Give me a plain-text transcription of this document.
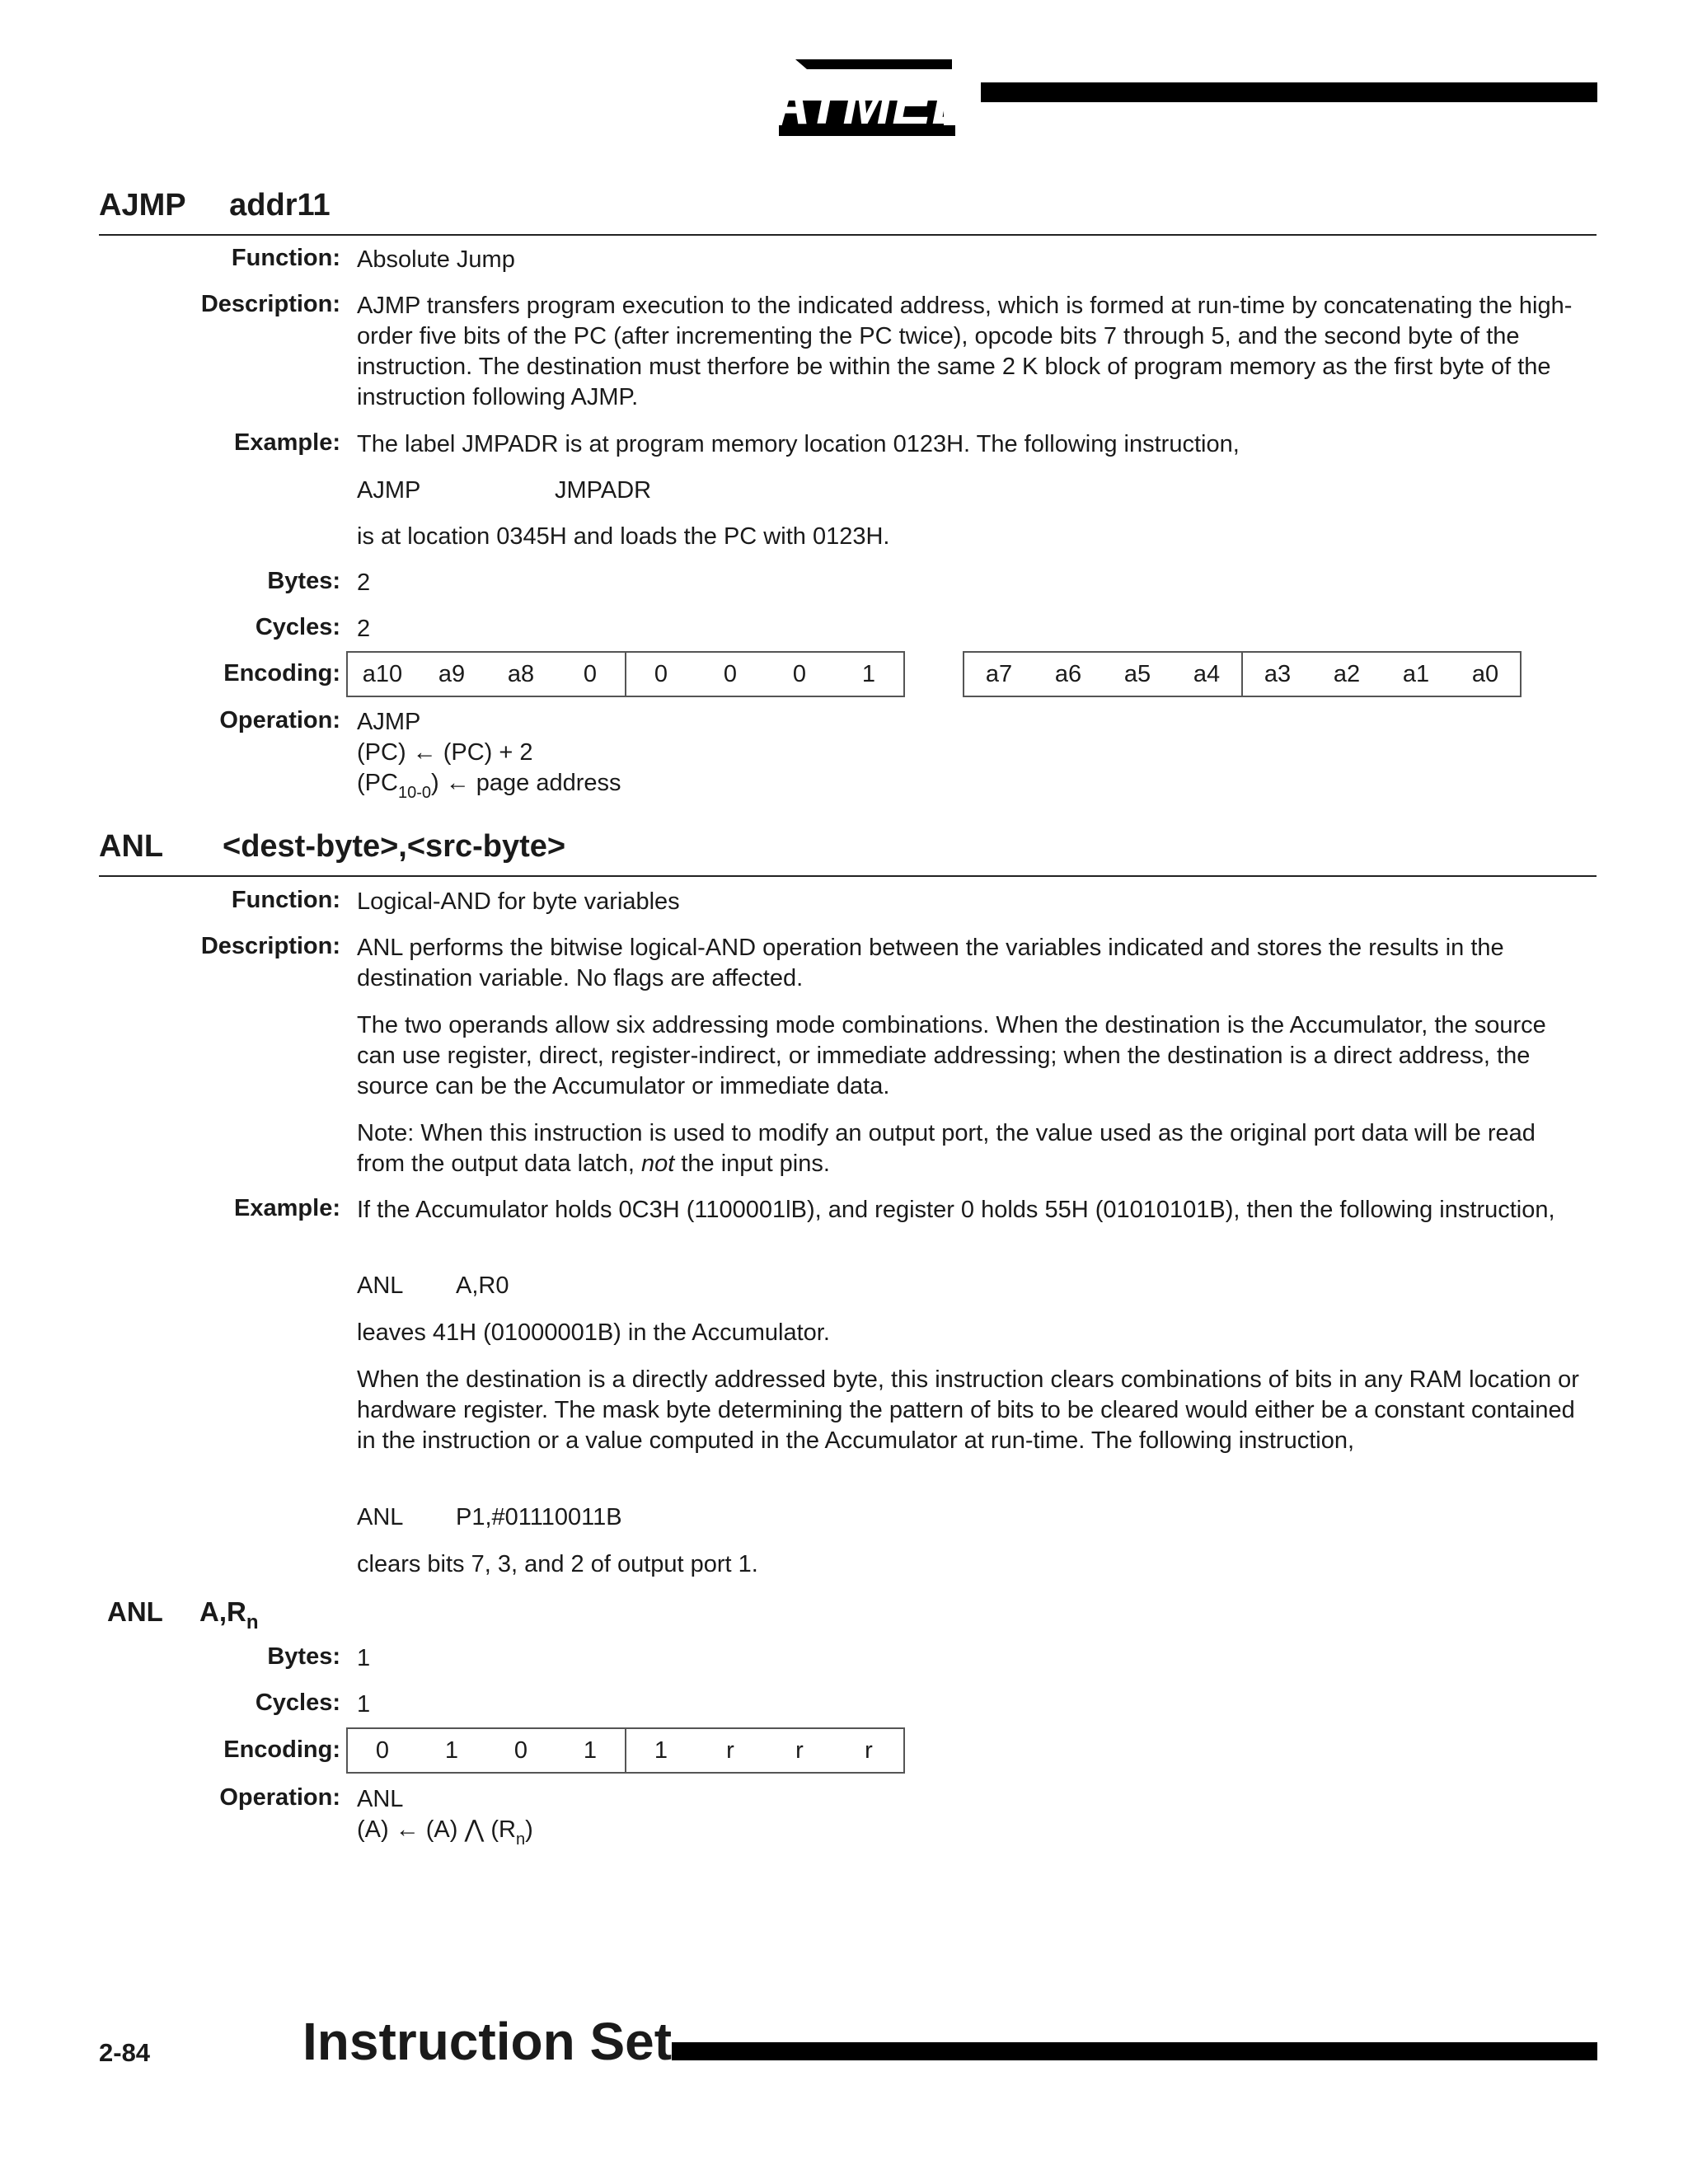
ATMEL
AJMP addr11
Function: Absolute Jump
Description: AJMP transfers program execution to the indicated address, which is formed at run-time by concatenating the high-order five bits of the PC (after incrementing the PC twice), opcode bits 7 through 5, and the second byte of the instruction. The destination must therfore be within the same 2 K block of program memory as the first byte of the instruction following AJMP.
Example: The label JMPADR is at program memory location 0123H. The following instruction,
AJMP	JMPADR
is at location 0345H and loads the PC with 0123H.
Bytes: 2
Cycles: 2
Encoding: a10	a9	a8	0	0	0	0	1	a7	a6	a5	a4	a3	a2	a1	a0
Operation: AJMP
(PC) ← (PC) + 2
$(PC_{10-0})$ ← page address
ANL <dest-byte>,<src-byte>
Function: Logical-AND for byte variables
Description: ANL performs the bitwise logical-AND operation between the variables indicated and stores the results in the destination variable. No flags are affected.
The two operands allow six addressing mode combinations. When the destination is the Accumulator, the source can use register, direct, register-indirect, or immediate addressing; when the destination is a direct address, the source can be the Accumulator or immediate data.
Note: When this instruction is used to modify an output port, the value used as the original port data will be read from the output data latch, not the input pins.
Example: If the Accumulator holds 0C3H (1100001lB), and register 0 holds 55H (01010101B), then the following instruction,
ANL A,R0
leaves 41H (01000001B) in the Accumulator.
When the destination is a directly addressed byte, this instruction clears combinations of bits in any RAM location or hardware register. The mask byte determining the pattern of bits to be cleared would either be a constant contained in the instruction or a value computed in the Accumulator at run-time. The following instruction,
ANL P1,#01110011B
clears bits 7, 3, and 2 of output port 1.
ANL $A,R_n$
Bytes: 1
Cycles: 1
Encoding:	0	1	0	1	1	r	r	r
Operation: ANL
(A) ← (A) ⋀ $(R_n)$
2-84	Instruction Set
